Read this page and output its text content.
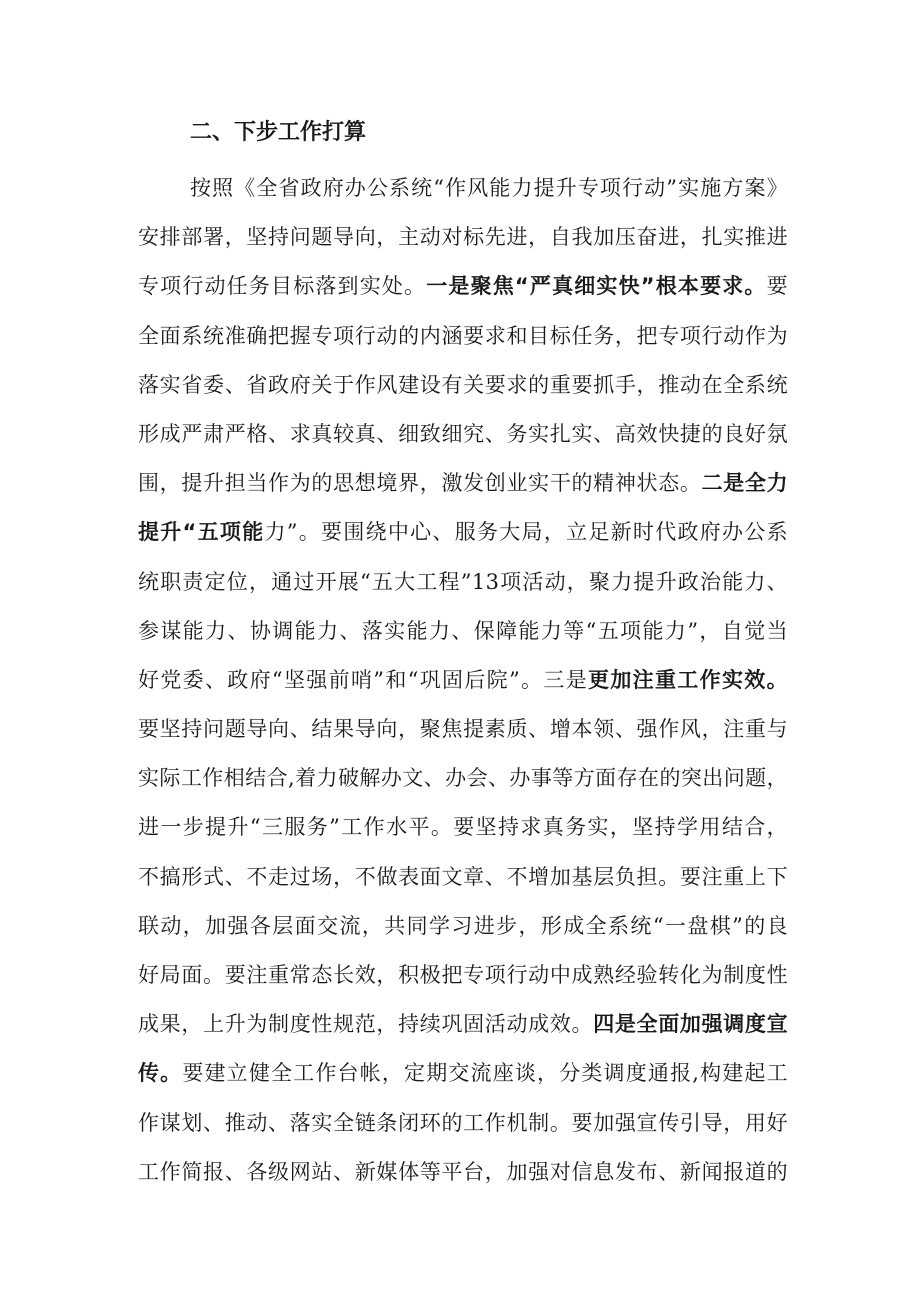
二、下步工作打算
按照《全省政府办公系统“作风能力提升专项行动”实施方案》
安排部署，坚持问题导向，主动对标先进，自我加压奋进，扎实推进
专项行动任务目标落到实处。一是聚焦“严真细实快”根本要求。要
全面系统准确把握专项行动的内涵要求和目标任务，把专项行动作为
落实省委、省政府关于作风建设有关要求的重要抓手，推动在全系统
形成严肃严格、求真较真、细致细究、务实扎实、高效快捷的良好氛
围，提升担当作为的思想境界，激发创业实干的精神状态。二是全力
提升“五项能力”。要围绕中心、服务大局，立足新时代政府办公系
统职责定位，通过开展“五大工程”13项活动，聚力提升政治能力、
参谋能力、协调能力、落实能力、保障能力等“五项能力”，自觉当
好党委、政府“坚强前哨”和“巩固后院”。三是更加注重工作实效。
要坚持问题导向、结果导向，聚焦提素质、增本领、强作风，注重与
实际工作相结合,着力破解办文、办会、办事等方面存在的突出问题，
进一步提升“三服务”工作水平。要坚持求真务实，坚持学用结合，
不搞形式、不走过场，不做表面文章、不增加基层负担。要注重上下
联动，加强各层面交流，共同学习进步，形成全系统“一盘棋”的良
好局面。要注重常态长效，积极把专项行动中成熟经验转化为制度性
成果，上升为制度性规范，持续巩固活动成效。四是全面加强调度宣
传。要建立健全工作台帐，定期交流座谈，分类调度通报,构建起工
作谋划、推动、落实全链条闭环的工作机制。要加强宣传引导，用好
工作简报、各级网站、新媒体等平台，加强对信息发布、新闻报道的
